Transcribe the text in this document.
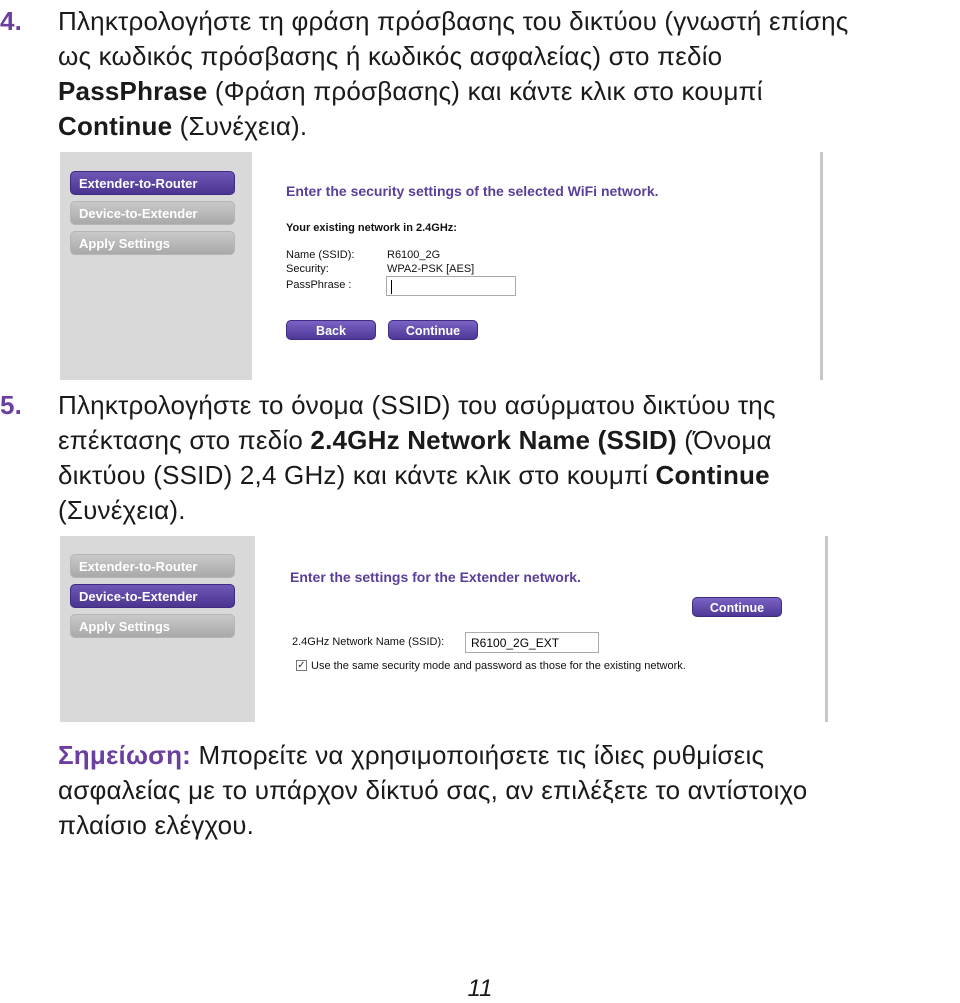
4. Πληκτρολογήστε τη φράση πρόσβασης του δικτύου (γνωστή επίσης
ως κωδικός πρόσβασης ή κωδικός ασφαλείας) στο πεδίο
PassPhrase (Φράση πρόσβασης) και κάντε κλικ στο κουμπί
Continue (Συνέχεια).
Extender-to-Router
Device-to-Extender
Apply Settings
Enter the security settings of the selected WiFi network.
Your existing network in 2.4GHz:
Name (SSID):	R6100_2G
Security:	WPA2-PSK [AES]
PassPhrase :
Back	Continue
5. Πληκτρολογήστε το όνομα (SSID) του ασύρματου δικτύου της
επέκτασης στο πεδίο 2.4GHz Network Name (SSID) (Όνομα
δικτύου (SSID) 2,4 GHz) και κάντε κλικ στο κουμπί Continue
(Συνέχεια).
Extender-to-Router
Device-to-Extender
Apply Settings
Enter the settings for the Extender network.
Continue
2.4GHz Network Name (SSID):	R6100_2G_EXT
✓ Use the same security mode and password as those for the existing network.
Σημείωση: Μπορείτε να χρησιμοποιήσετε τις ίδιες ρυθμίσεις
ασφαλείας με το υπάρχον δίκτυό σας, αν επιλέξετε το αντίστοιχο
πλαίσιο ελέγχου.
11
